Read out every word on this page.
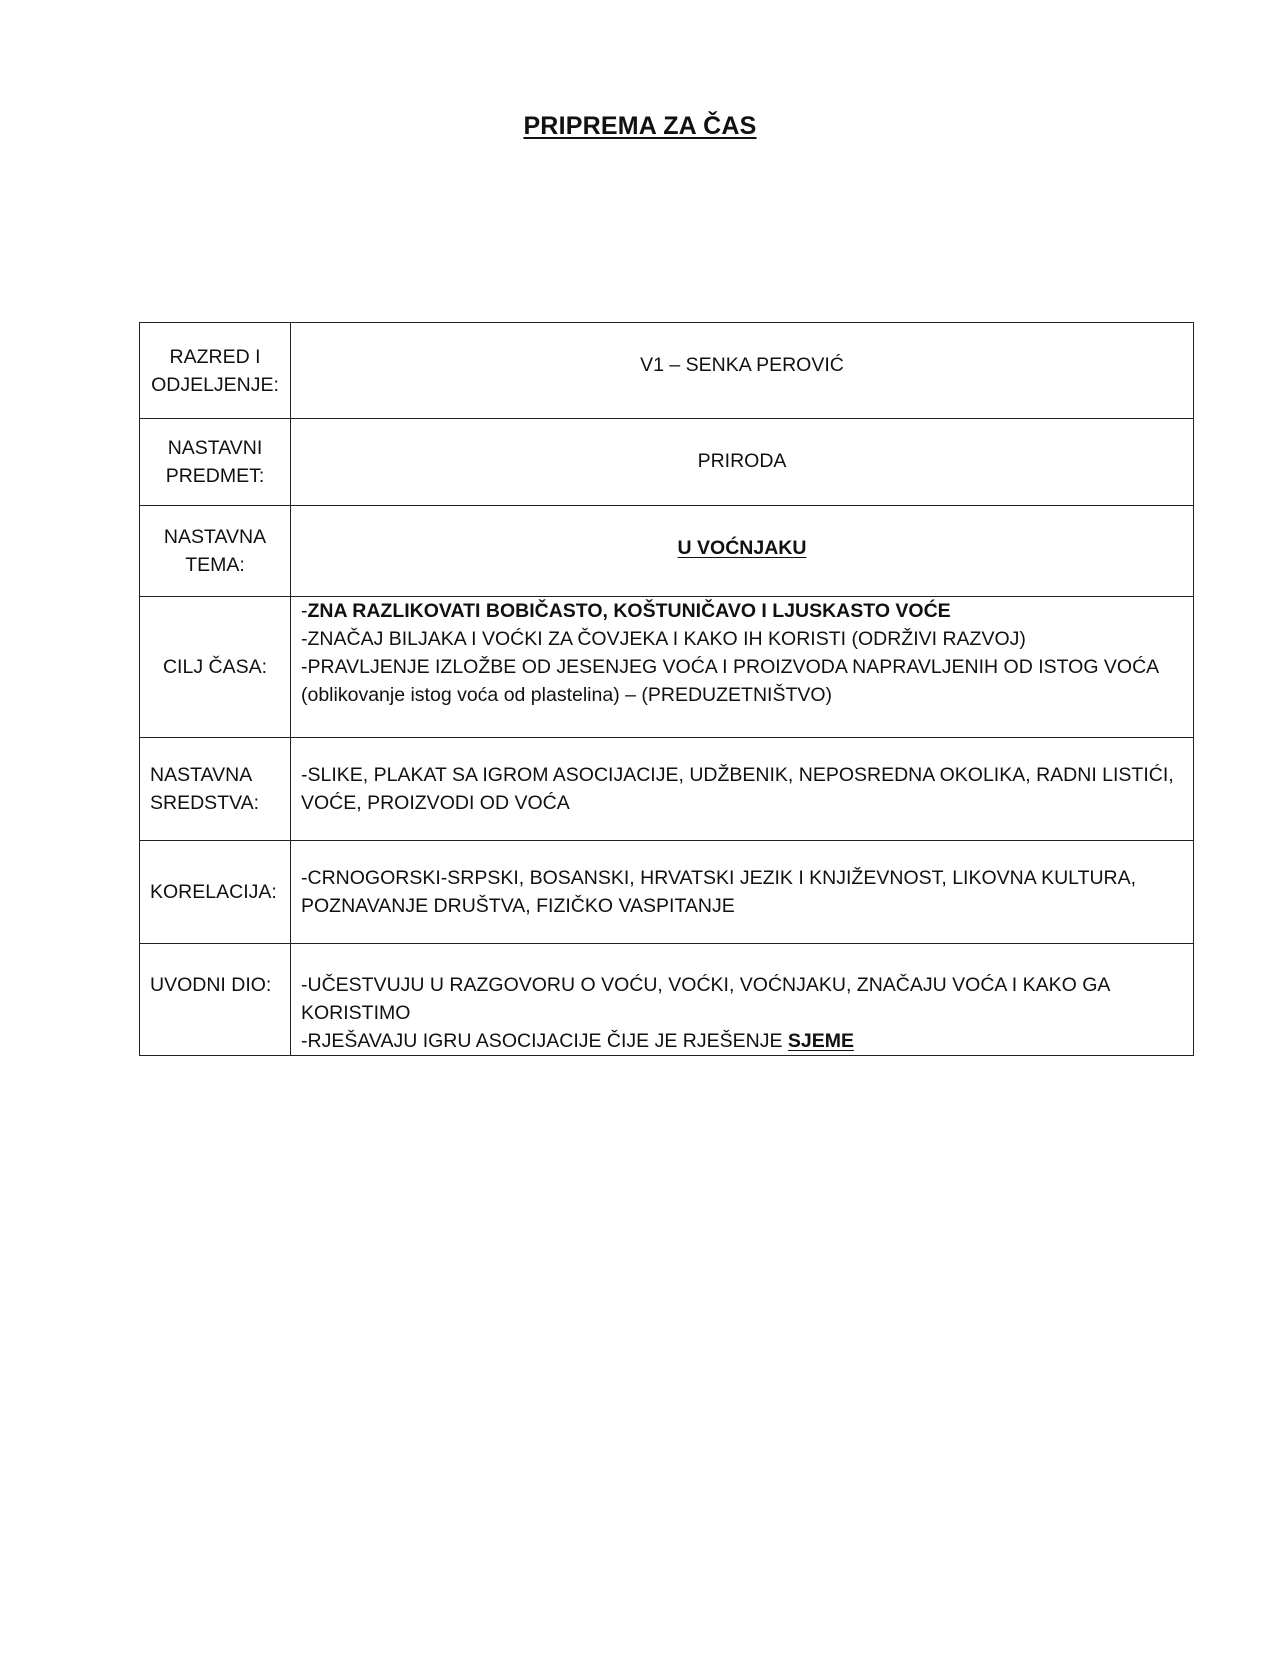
PRIPREMA ZA ČAS
RAZRED I
ODJELJENJE:	V1 – SENKA PEROVIĆ

NASTAVNI
PREDMET:	PRIRODA

NASTAVNA
TEMA:	U VOĆNJAKU
CILJ ČASA:	-ZNA RAZLIKOVATI BOBIČASTO, KOŠTUNIČAVO I LJUSKASTO VOĆE
-ZNAČAJ BILJAKA I VOĆKI ZA ČOVJEKA I KAKO IH KORISTI (ODRŽIVI RAZVOJ)
-PRAVLJENJE IZLOŽBE OD JESENJEG VOĆA I PROIZVODA NAPRAVLJENIH OD ISTOG VOĆA
(oblikovanje istog voća od plastelina) – (PREDUZETNIŠTVO)

NASTAVNA
SREDSTVA:	-SLIKE, PLAKAT SA IGROM ASOCIJACIJE, UDŽBENIK, NEPOSREDNA OKOLIKA, RADNI LISTIĆI,
VOĆE, PROIZVODI OD VOĆA

KORELACIJA:	-CRNOGORSKI-SRPSKI, BOSANSKI, HRVATSKI JEZIK I KNJIŽEVNOST, LIKOVNA KULTURA,
POZNAVANJE DRUŠTVA, FIZIČKO VASPITANJE

UVODNI DIO:	-UČESTVUJU U RAZGOVORU O VOĆU, VOĆKI, VOĆNJAKU, ZNAČAJU VOĆA I KAKO GA
KORISTIMO
-RJEŠAVAJU IGRU ASOCIJACIJE ČIJE JE RJEŠENJE SJEME
